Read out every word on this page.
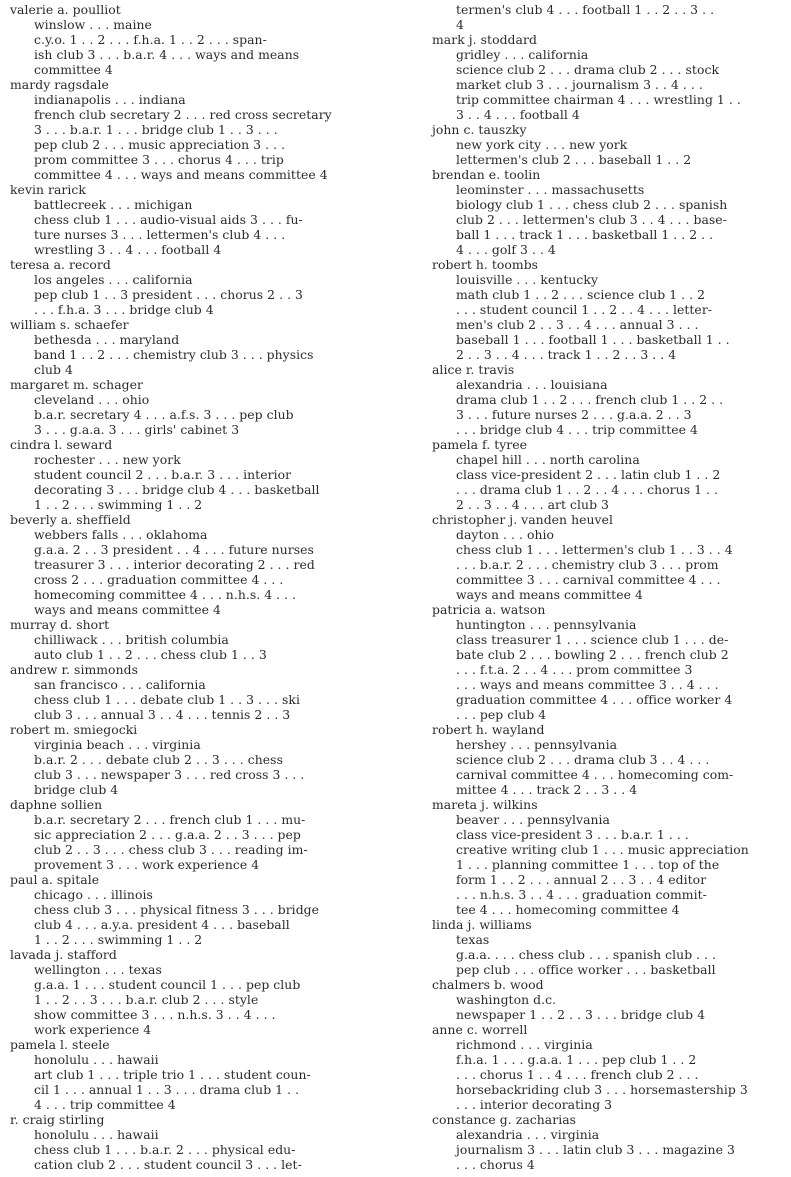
valerie a. poulliot
winslow . . . maine
c.y.o. 1 . . 2 . . . f.h.a. 1 . . 2 . . . span-
ish club 3 . . . b.a.r. 4 . . . ways and means
committee 4
mardy ragsdale
indianapolis . . . indiana
french club secretary 2 . . . red cross secretary
3 . . . b.a.r. 1 . . . bridge club 1 . . 3 . . .
pep club 2 . . . music appreciation 3 . . .
prom committee 3 . . . chorus 4 . . . trip
committee 4 . . . ways and means committee 4
kevin rarick
battlecreek . . . michigan
chess club 1 . . . audio-visual aids 3 . . . fu-
ture nurses 3 . . . lettermen's club 4 . . .
wrestling 3 . . 4 . . . football 4
teresa a. record
los angeles . . . california
pep club 1 . . 3 president . . . chorus 2 . . 3
. . . f.h.a. 3 . . . bridge club 4
william s. schaefer
bethesda . . . maryland
band 1 . . 2 . . . chemistry club 3 . . . physics
club 4
margaret m. schager
cleveland . . . ohio
b.a.r. secretary 4 . . . a.f.s. 3 . . . pep club
3 . . . g.a.a. 3 . . . girls' cabinet 3
cindra l. seward
rochester . . . new york
student council 2 . . . b.a.r. 3 . . . interior
decorating 3 . . . bridge club 4 . . . basketball
1 . . 2 . . . swimming 1 . . 2
beverly a. sheffield
webbers falls . . . oklahoma
g.a.a. 2 . . 3 president . . 4 . . . future nurses
treasurer 3 . . . interior decorating 2 . . . red
cross 2 . . . graduation committee 4 . . .
homecoming committee 4 . . . n.h.s. 4 . . .
ways and means committee 4
murray d. short
chilliwack . . . british columbia
auto club 1 . . 2 . . . chess club 1 . . 3
andrew r. simmonds
san francisco . . . california
chess club 1 . . . debate club 1 . . 3 . . . ski
club 3 . . . annual 3 . . 4 . . . tennis 2 . . 3
robert m. smiegocki
virginia beach . . . virginia
b.a.r. 2 . . . debate club 2 . . 3 . . . chess
club 3 . . . newspaper 3 . . . red cross 3 . . .
bridge club 4
daphne sollien
b.a.r. secretary 2 . . . french club 1 . . . mu-
sic appreciation 2 . . . g.a.a. 2 . . 3 . . . pep
club 2 . . 3 . . . chess club 3 . . . reading im-
provement 3 . . . work experience 4
paul a. spitale
chicago . . . illinois
chess club 3 . . . physical fitness 3 . . . bridge
club 4 . . . a.y.a. president 4 . . . baseball
1 . . 2 . . . swimming 1 . . 2
lavada j. stafford
wellington . . . texas
g.a.a. 1 . . . student council 1 . . . pep club
1 . . 2 . . 3 . . . b.a.r. club 2 . . . style
show committee 3 . . . n.h.s. 3 . . 4 . . .
work experience 4
pamela l. steele
honolulu . . . hawaii
art club 1 . . . triple trio 1 . . . student coun-
cil 1 . . . annual 1 . . 3 . . . drama club 1 . .
4 . . . trip committee 4
r. craig stirling
honolulu . . . hawaii
chess club 1 . . . b.a.r. 2 . . . physical edu-
cation club 2 . . . student council 3 . . . let-
termen's club 4 . . . football 1 . . 2 . . 3 . .
4
mark j. stoddard
gridley . . . california
science club 2 . . . drama club 2 . . . stock
market club 3 . . . journalism 3 . . 4 . . .
trip committee chairman 4 . . . wrestling 1 . .
3 . . 4 . . . football 4
john c. tauszky
new york city . . . new york
lettermen's club 2 . . . baseball 1 . . 2
brendan e. toolin
leominster . . . massachusetts
biology club 1 . . . chess club 2 . . . spanish
club 2 . . . lettermen's club 3 . . 4 . . . base-
ball 1 . . . track 1 . . . basketball 1 . . 2 . .
4 . . . golf 3 . . 4
robert h. toombs
louisville . . . kentucky
math club 1 . . 2 . . . science club 1 . . 2
. . . student council 1 . . 2 . . 4 . . . letter-
men's club 2 . . 3 . . 4 . . . annual 3 . . .
baseball 1 . . . football 1 . . . basketball 1 . .
2 . . 3 . . 4 . . . track 1 . . 2 . . 3 . . 4
alice r. travis
alexandria . . . louisiana
drama club 1 . . 2 . . . french club 1 . . 2 . .
3 . . . future nurses 2 . . . g.a.a. 2 . . 3
. . . bridge club 4 . . . trip committee 4
pamela f. tyree
chapel hill . . . north carolina
class vice-president 2 . . . latin club 1 . . 2
. . . drama club 1 . . 2 . . 4 . . . chorus 1 . .
2 . . 3 . . 4 . . . art club 3
christopher j. vanden heuvel
dayton . . . ohio
chess club 1 . . . lettermen's club 1 . . 3 . . 4
. . . b.a.r. 2 . . . chemistry club 3 . . . prom
committee 3 . . . carnival committee 4 . . .
ways and means committee 4
patricia a. watson
huntington . . . pennsylvania
class treasurer 1 . . . science club 1 . . . de-
bate club 2 . . . bowling 2 . . . french club 2
. . . f.t.a. 2 . . 4 . . . prom committee 3
. . . ways and means committee 3 . . 4 . . .
graduation committee 4 . . . office worker 4
. . . pep club 4
robert h. wayland
hershey . . . pennsylvania
science club 2 . . . drama club 3 . . 4 . . .
carnival committee 4 . . . homecoming com-
mittee 4 . . . track 2 . . 3 . . 4
mareta j. wilkins
beaver . . . pennsylvania
class vice-president 3 . . . b.a.r. 1 . . .
creative writing club 1 . . . music appreciation
1 . . . planning committee 1 . . . top of the
form 1 . . 2 . . . annual 2 . . 3 . . 4 editor
. . . n.h.s. 3 . . 4 . . . graduation commit-
tee 4 . . . homecoming committee 4
linda j. williams
texas
g.a.a. . . . chess club . . . spanish club . . .
pep club . . . office worker . . . basketball
chalmers b. wood
washington d.c.
newspaper 1 . . 2 . . 3 . . . bridge club 4
anne c. worrell
richmond . . . virginia
f.h.a. 1 . . . g.a.a. 1 . . . pep club 1 . . 2
. . . chorus 1 . . 4 . . . french club 2 . . .
horsebackriding club 3 . . . horsemastership 3
. . . interior decorating 3
constance g. zacharias
alexandria . . . virginia
journalism 3 . . . latin club 3 . . . magazine 3
. . . chorus 4
